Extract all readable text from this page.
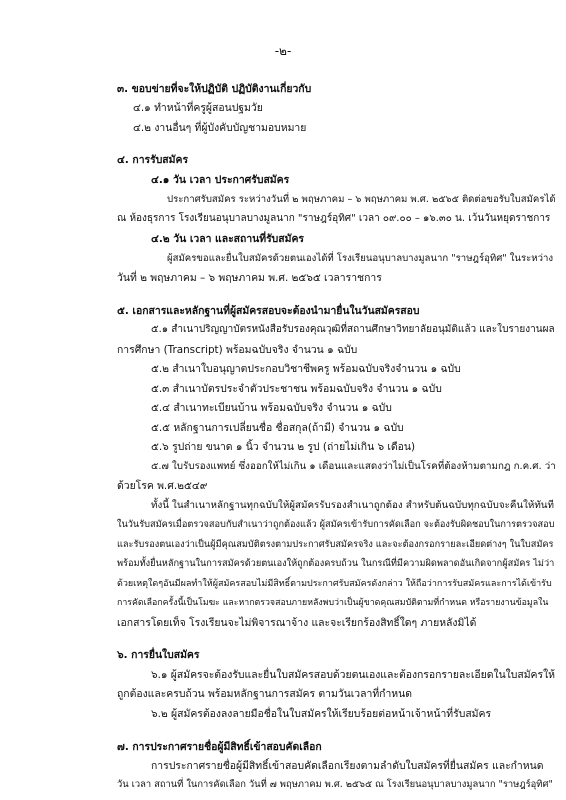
-๒-
๓. ขอบข่ายที่จะให้ปฏิบัติ ปฏิบัติงานเกี่ยวกับ
๔.๑ ทำหน้าที่ครูผู้สอนปฐมวัย
๔.๒ งานอื่นๆ ที่ผู้บังคับบัญชามอบหมาย
๔. การรับสมัคร
๔.๑ วัน เวลา ประกาศรับสมัคร
ประกาศรับสมัคร ระหว่างวันที่ ๒ พฤษภาคม – ๖ พฤษภาคม พ.ศ. ๒๕๖๕ ติดต่อขอรับใบสมัครได้
ณ ห้องธุรการ โรงเรียนอนุบาลบางมูลนาก "ราษฎร์อุทิศ" เวลา ๐๙.๐๐ – ๑๖.๓๐ น. เว้นวันหยุดราชการ
๔.๒ วัน เวลา และสถานที่รับสมัคร
ผู้สมัครขอและยื่นใบสมัครด้วยตนเองได้ที่ โรงเรียนอนุบาลบางมูลนาก "ราษฎร์อุทิศ" ในระหว่าง
วันที่ ๒ พฤษภาคม – ๖ พฤษภาคม พ.ศ. ๒๕๖๕ เวลาราชการ
๕. เอกสารและหลักฐานที่ผู้สมัครสอบจะต้องนำมายื่นในวันสมัครสอบ
๕.๑ สำเนาปริญญาบัตรหนังสือรับรองคุณวุฒิที่สถานศึกษาวิทยาลัยอนุมัติแล้ว และใบรายงานผล
การศึกษา (Transcript) พร้อมฉบับจริง จำนวน ๑ ฉบับ
๕.๒ สำเนาใบอนุญาตประกอบวิชาชีพครู พร้อมฉบับจริงจำนวน ๑ ฉบับ
๕.๓ สำเนาบัตรประจำตัวประชาชน พร้อมฉบับจริง จำนวน ๑ ฉบับ
๕.๔ สำเนาทะเบียนบ้าน พร้อมฉบับจริง จำนวน ๑ ฉบับ
๕.๕ หลักฐานการเปลี่ยนชื่อ ชื่อสกุล(ถ้ามี) จำนวน ๑ ฉบับ
๕.๖ รูปถ่าย ขนาด ๑ นิ้ว จำนวน ๒ รูป (ถ่ายไม่เกิน ๖ เดือน)
๕.๗ ใบรับรองแพทย์ ซึ่งออกให้ไม่เกิน ๑ เดือนและแสดงว่าไม่เป็นโรคที่ต้องห้ามตามกฎ ก.ค.ศ. ว่า
ด้วยโรค พ.ศ.๒๕๔๙
ทั้งนี้ ในสำเนาหลักฐานทุกฉบับให้ผู้สมัครรับรองสำเนาถูกต้อง สำหรับต้นฉบับทุกฉบับจะคืนให้ทันที
ในวันรับสมัครเมื่อตรวจสอบกับสำเนาว่าถูกต้องแล้ว ผู้สมัครเข้ารับการคัดเลือก จะต้องรับผิดชอบในการตรวจสอบ
และรับรองตนเองว่าเป็นผู้มีคุณสมบัติตรงตามประกาศรับสมัครจริง และจะต้องกรอกรายละเอียดต่างๆ ในใบสมัคร
พร้อมทั้งยื่นหลักฐานในการสมัครด้วยตนเองให้ถูกต้องครบถ้วน ในกรณีที่มีความผิดพลาดอันเกิดจากผู้สมัคร ไม่ว่า
ด้วยเหตุใดๆอันมีผลทำให้ผู้สมัครสอบไม่มีสิทธิ์ตามประกาศรับสมัครดังกล่าว ให้ถือว่าการรับสมัครและการได้เข้ารับ
การคัดเลือกครั้งนี้เป็นโมฆะ และหากตรวจสอบภายหลังพบว่าเป็นผู้ขาดคุณสมบัติตามที่กำหนด หรือรายงานข้อมูลใน
เอกสารโดยเท็จ โรงเรียนจะไม่พิจารณาจ้าง และจะเรียกร้องสิทธิ์ใดๆ ภายหลังมิได้
๖. การยื่นใบสมัคร
๖.๑ ผู้สมัครจะต้องรับและยื่นใบสมัครสอบด้วยตนเองและต้องกรอกรายละเอียดในใบสมัครให้
ถูกต้องและครบถ้วน พร้อมหลักฐานการสมัคร ตามวันเวลาที่กำหนด
๖.๒ ผู้สมัครต้องลงลายมือชื่อในใบสมัครให้เรียบร้อยต่อหน้าเจ้าหน้าที่รับสมัคร
๗. การประกาศรายชื่อผู้มีสิทธิ์เข้าสอบคัดเลือก
การประกาศรายชื่อผู้มีสิทธิ์เข้าสอบคัดเลือกเรียงตามลำดับใบสมัครที่ยื่นสมัคร และกำหนด
วัน เวลา สถานที่ ในการคัดเลือก วันที่ ๗ พฤษภาคม พ.ศ. ๒๕๖๕ ณ โรงเรียนอนุบาลบางมูลนาก "ราษฎร์อุทิศ"
